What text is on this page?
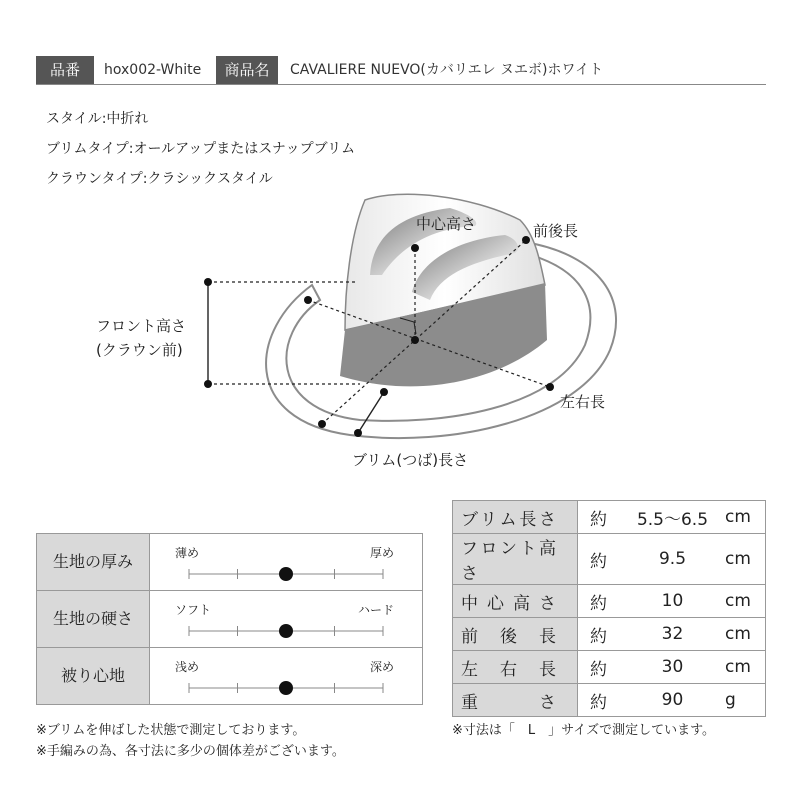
品番	hox002-White	商品名	CAVALIERE NUEVO(カバリエレ ヌエボ)ホワイト
スタイル:中折れ
ブリムタイプ:オールアップまたはスナップブリム
クラウンタイプ:クラシックスタイル
中心高さ	前後長
フロント高さ
(クラウン前)
左右長
ブリム(つば)長さ
ブリム長さ	約 5.5〜6.5	cm
フロント高さ	約 9.5	cm
中心高さ	約 10	cm
前後長	約 32	cm
左右長	約 30	cm
重さ	約 90	g
生地の厚み	薄め	厚め
生地の硬さ	ソフト	ハード
被り心地	浅め	深め
※ブリムを伸ばした状態で測定しております。
※手編みの為、各寸法に多少の個体差がございます。
※寸法は「　L　」サイズで測定しています。
